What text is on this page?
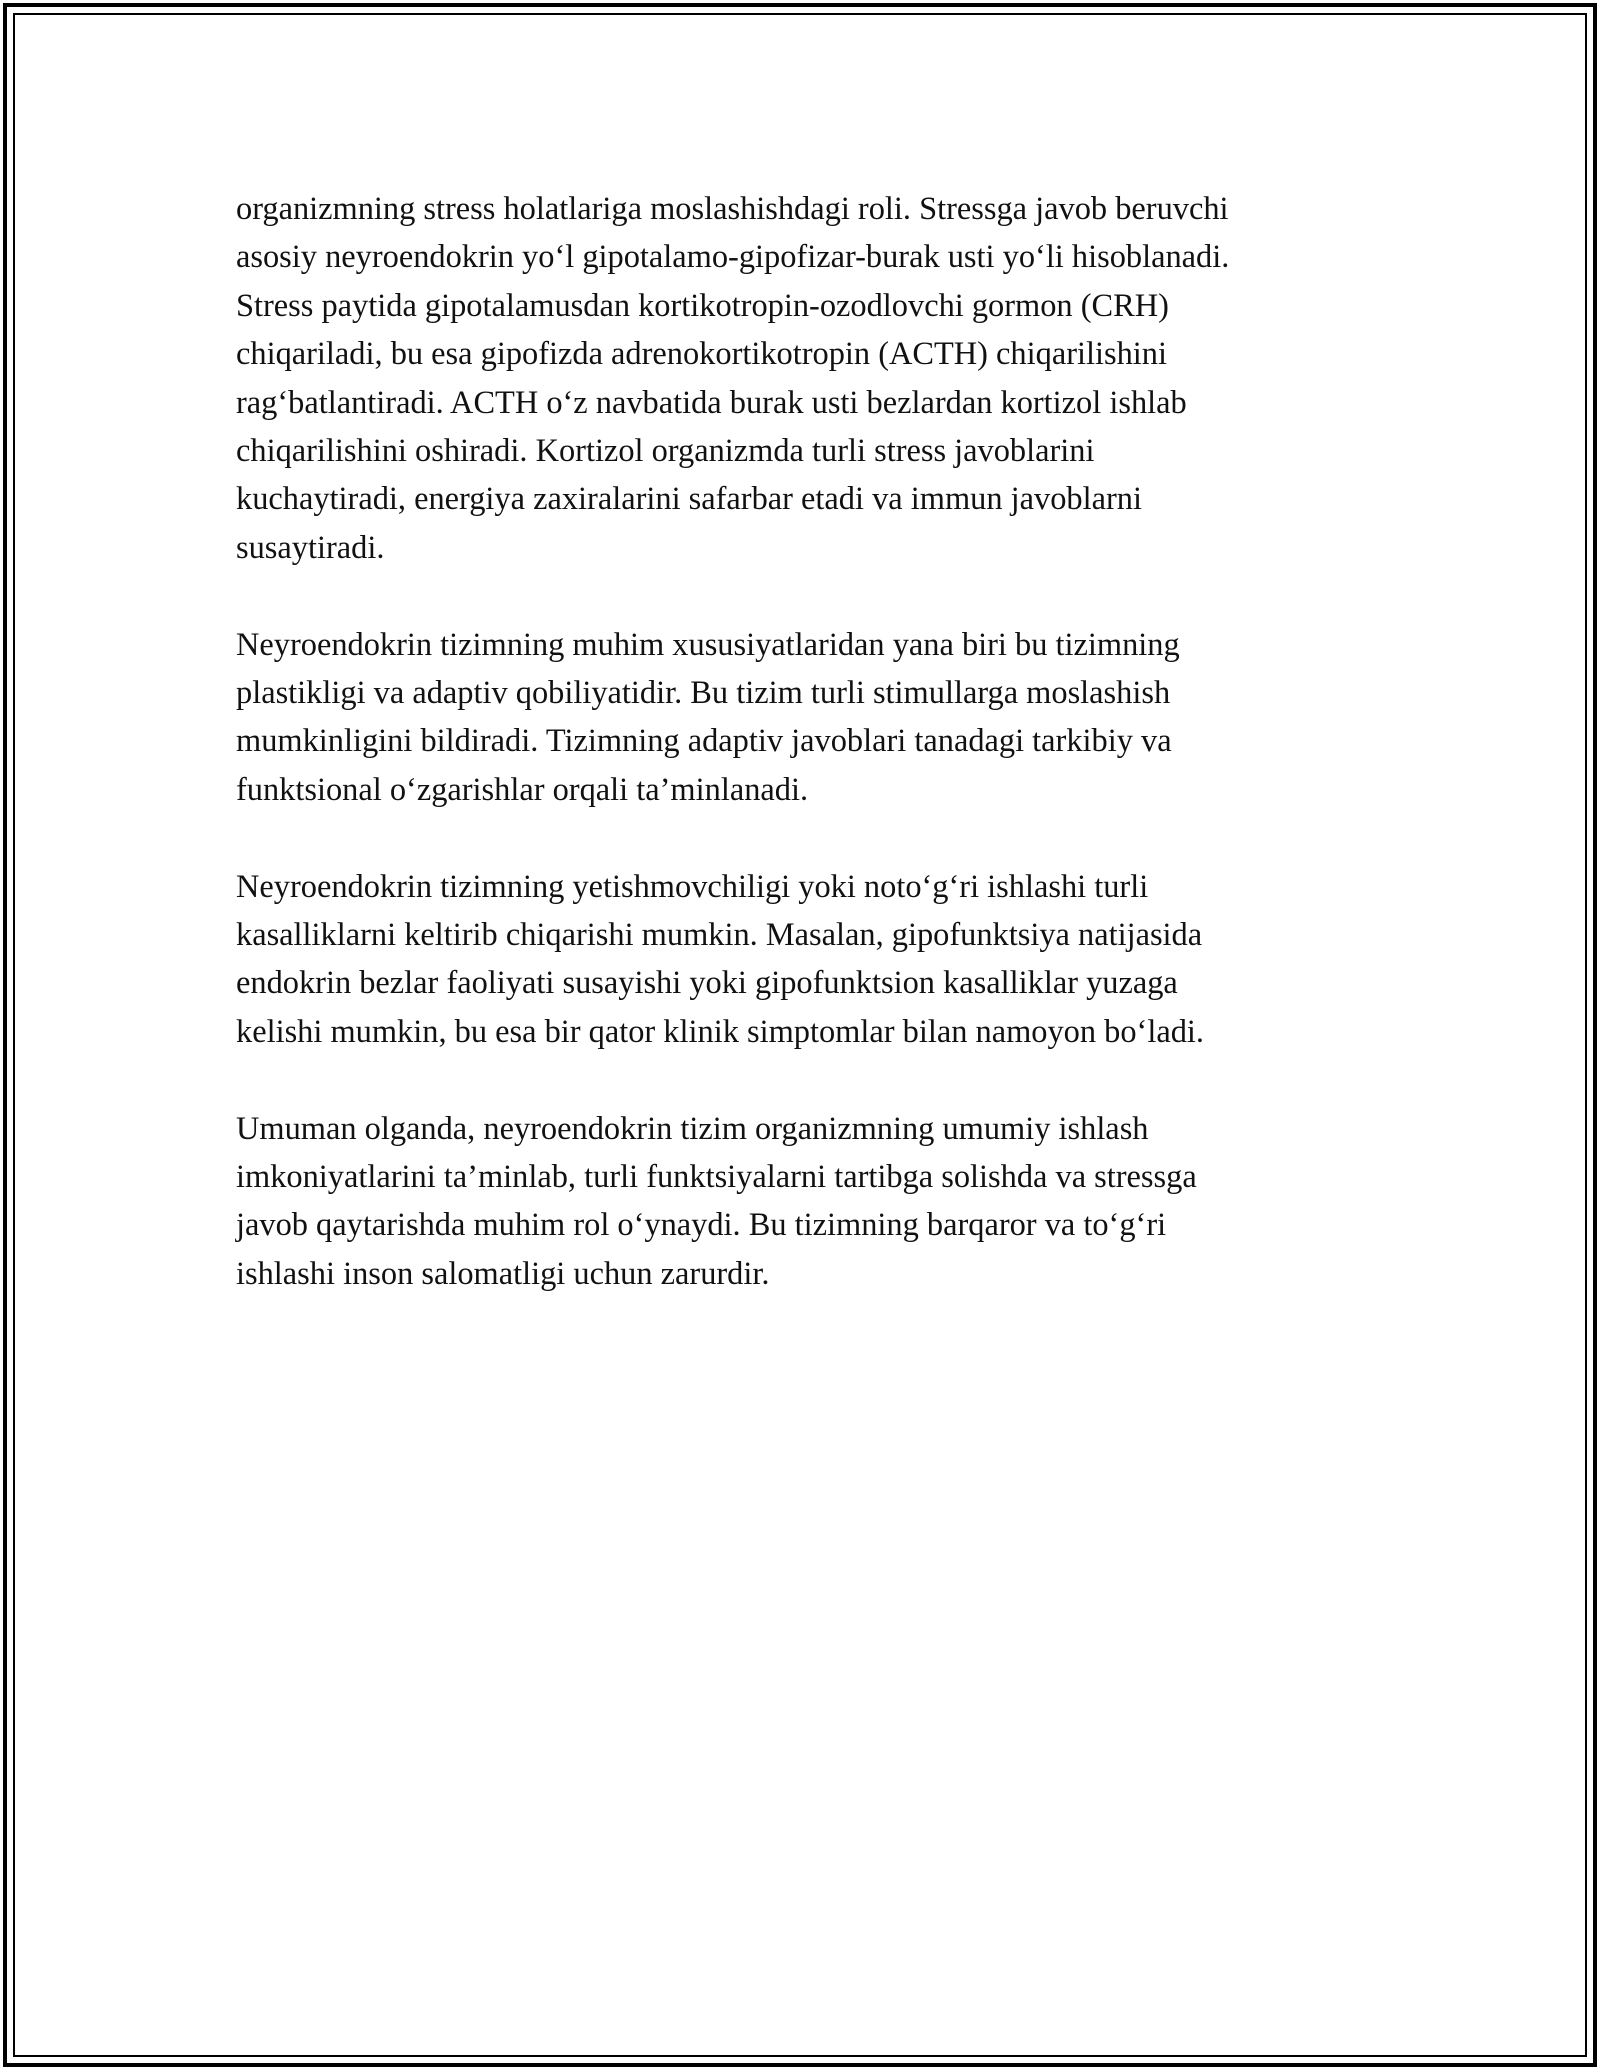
organizmning stress holatlariga moslashishdagi roli. Stressga javob beruvchi
asosiy neyroendokrin yo‘l gipotalamo-gipofizar-burak usti yo‘li hisoblanadi.
Stress paytida gipotalamusdan kortikotropin-ozodlovchi gormon (CRH)
chiqariladi, bu esa gipofizda adrenokortikotropin (ACTH) chiqarilishini
rag‘batlantiradi. ACTH o‘z navbatida burak usti bezlardan kortizol ishlab
chiqarilishini oshiradi. Kortizol organizmda turli stress javoblarini
kuchaytiradi, energiya zaxiralarini safarbar etadi va immun javoblarni
susaytiradi.

Neyroendokrin tizimning muhim xususiyatlaridan yana biri bu tizimning
plastikligi va adaptiv qobiliyatidir. Bu tizim turli stimullarga moslashish
mumkinligini bildiradi. Tizimning adaptiv javoblari tanadagi tarkibiy va
funktsional o‘zgarishlar orqali ta’minlanadi.

Neyroendokrin tizimning yetishmovchiligi yoki noto‘g‘ri ishlashi turli
kasalliklarni keltirib chiqarishi mumkin. Masalan, gipofunktsiya natijasida
endokrin bezlar faoliyati susayishi yoki gipofunktsion kasalliklar yuzaga
kelishi mumkin, bu esa bir qator klinik simptomlar bilan namoyon bo‘ladi.

Umuman olganda, neyroendokrin tizim organizmning umumiy ishlash
imkoniyatlarini ta’minlab, turli funktsiyalarni tartibga solishda va stressga
javob qaytarishda muhim rol o‘ynaydi. Bu tizimning barqaror va to‘g‘ri
ishlashi inson salomatligi uchun zarurdir.
